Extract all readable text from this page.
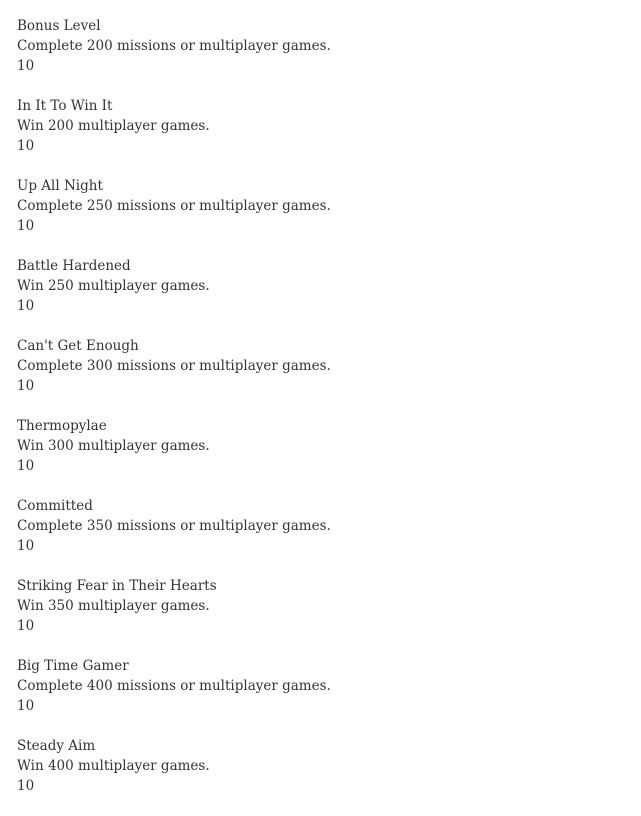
Bonus Level
Complete 200 missions or multiplayer games.
10
In It To Win It
Win 200 multiplayer games.
10
Up All Night
Complete 250 missions or multiplayer games.
10
Battle Hardened
Win 250 multiplayer games.
10
Can't Get Enough
Complete 300 missions or multiplayer games.
10
Thermopylae
Win 300 multiplayer games.
10
Committed
Complete 350 missions or multiplayer games.
10
Striking Fear in Their Hearts
Win 350 multiplayer games.
10
Big Time Gamer
Complete 400 missions or multiplayer games.
10
Steady Aim
Win 400 multiplayer games.
10
